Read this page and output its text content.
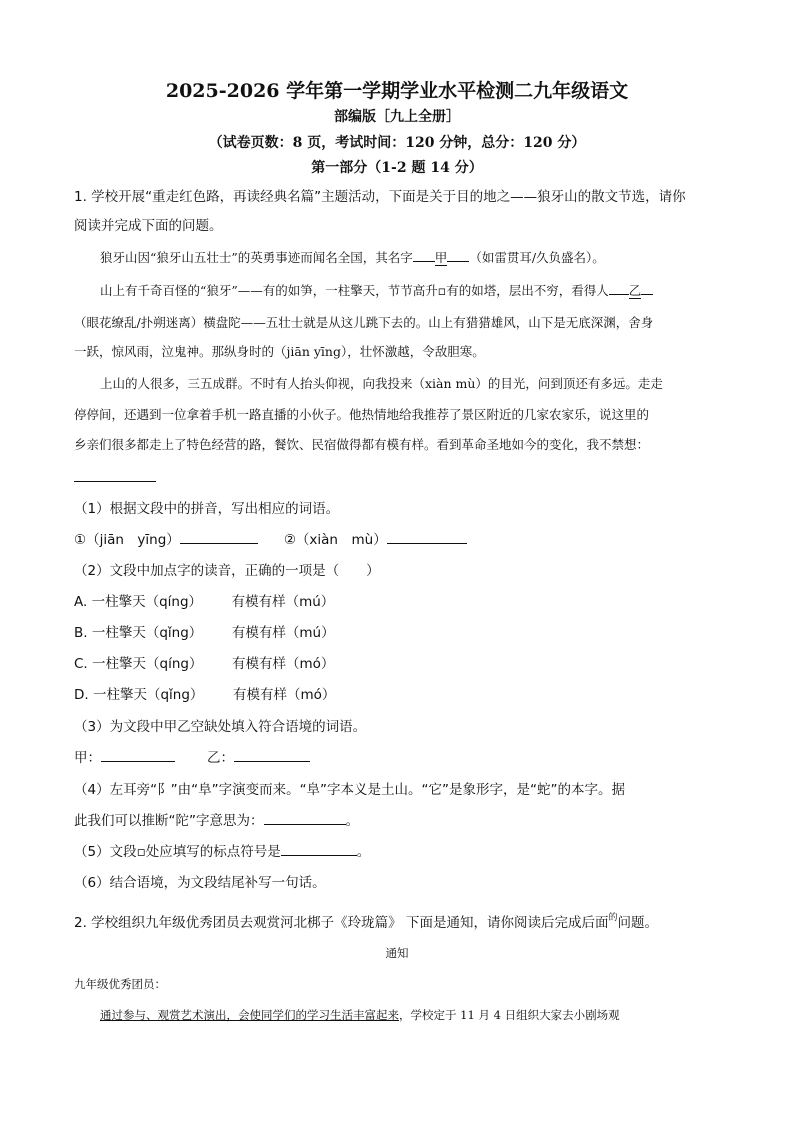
2025-2026 学年第一学期学业水平检测二九年级语文
部编版［九上全册］
（试卷页数：8 页，考试时间：120 分钟，总分：120 分）
第一部分（1-2 题 14 分）
1. 学校开展“重走红色路，再读经典名篇”主题活动，下面是关于目的地之——狼牙山的散文节选，请你
阅读并完成下面的问题。
狼牙山因“狼牙山五壮士”的英勇事迹而闻名全国，其名字 甲 （如雷贯耳/久负盛名）。
山上有千奇百怪的“狼牙”——有的如笋，一柱擎天，节节高升▫有的如塔，层出不穷，看得人 乙
（眼花缭乱/扑朔迷离）横盘陀——五壮士就是从这儿跳下去的。山上有猎猎雄风，山下是无底深渊，舍身
一跃，惊风雨，泣鬼神。那纵身时的（jiān yīng），壮怀激越，令敌胆寒。
上山的人很多，三五成群。不时有人抬头仰视，向我投来（xiàn mù）的目光，问到顶还有多远。走走
停停间，还遇到一位拿着手机一路直播的小伙子。他热情地给我推荐了景区附近的几家农家乐，说这里的
乡亲们很多都走上了特色经营的路，餐饮、民宿做得都有模有样。看到革命圣地如今的变化，我不禁想：
（1）根据文段中的拼音，写出相应的词语。
①（jiān　yīng）	②（xiàn　mù）
（2）文段中加点字的读音，正确的一项是（　　）
A. 一柱擎天（qíng） 有模有样（mú）
B. 一柱擎天（qǐng） 有模有样（mú）
C. 一柱擎天（qíng） 有模有样（mó）
D. 一柱擎天（qǐng） 有模有样（mó）
（3）为文段中甲乙空缺处填入符合语境的词语。
甲：	乙：
（4）左耳旁“阝”由“阜”字演变而来。“阜”字本义是土山。“它”是象形字，是“蛇”的本字。据
此我们可以推断“陀”字意思为：	。
（5）文段▫处应填写的标点符号是	。
（6）结合语境，为文段结尾补写一句话。
2. 学校组织九年级优秀团员去观赏河北梆子《玲珑篇》 下面是通知，请你阅读后完成后面$^的$问题。
通知
九年级优秀团员：
通过参与、观赏艺术演出，会使同学们的学习生活丰富起来，学校定于 11 月 4 日组织大家去小剧场观
